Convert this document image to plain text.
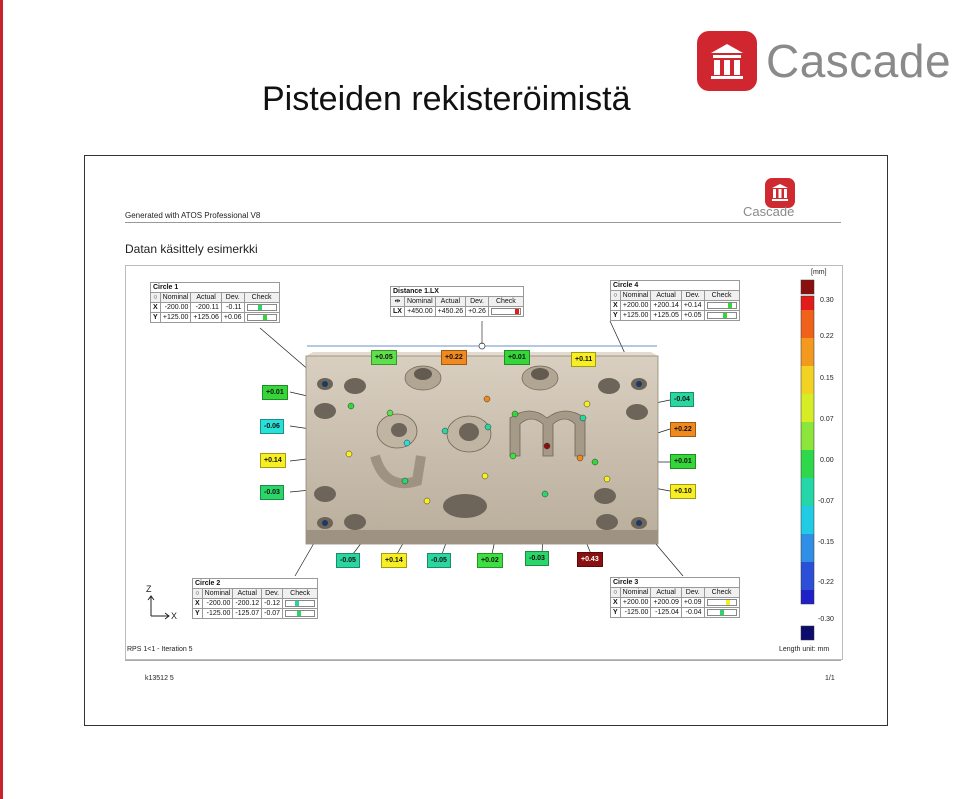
Pisteiden rekisteröimistä
Cascade
Generated with ATOS Professional V8	Cascade
Datan käsittely esimerkki
X
Z
Circle 1				
○	Nominal	Actual	Dev.	Check
X	-200.00	-200.11	-0.11	

Y	+125.00	+125.06	+0.06	
Distance 1.LX				
⇹	Nominal	Actual	Dev.	Check
LX	+450.00	+450.26	+0.26	
Circle 4				
○	Nominal	Actual	Dev.	Check
X	+200.00	+200.14	+0.14	

Y	+125.00	+125.05	+0.05	
Circle 2				
○	Nominal	Actual	Dev.	Check
X	-200.00	-200.12	-0.12	

Y	-125.00	-125.07	-0.07	
Circle 3				
○	Nominal	Actual	Dev.	Check
X	+200.00	+200.09	+0.09	

Y	-125.00	-125.04	-0.04	
+0.05	+0.22	+0.01	+0.11
+0.01
-0.04
-0.06	+0.22
+0.14	+0.01
-0.03	+0.10
-0.05	+0.14	-0.05	+0.02	-0.03	+0.43
[mm]
0.30
0.22
0.15
0.07
0.00
-0.07
-0.15
-0.22
-0.30
RPS 1<1 - Iteration 5	Length unit: mm
k13512 5	1/1
